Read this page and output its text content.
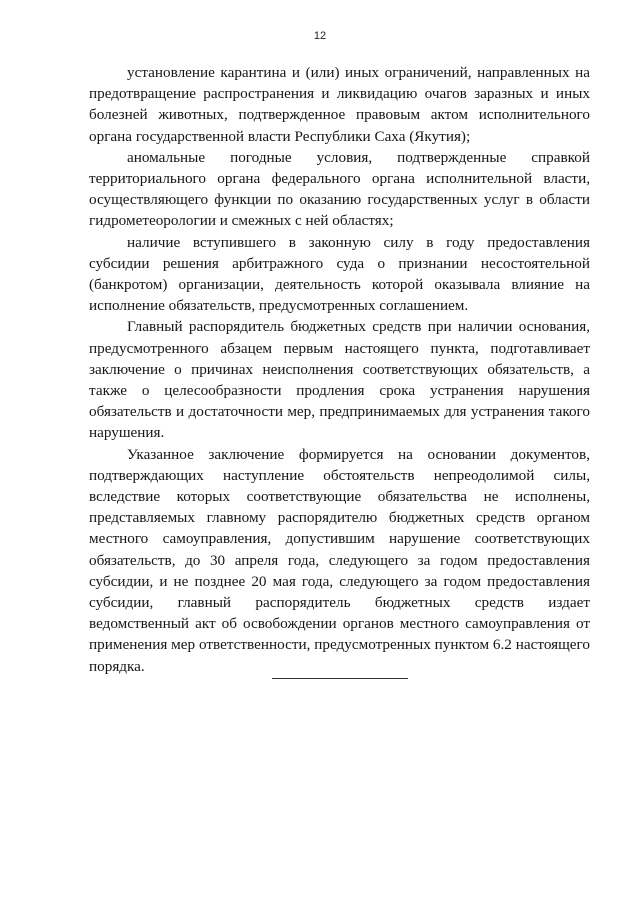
12

установление карантина и (или) иных ограничений, направленных на предотвращение распространения и ликвидацию очагов заразных и иных болезней животных, подтвержденное правовым актом исполнительного органа государственной власти Республики Саха (Якутия);

аномальные погодные условия, подтвержденные справкой территориального органа федерального органа исполнительной власти, осуществляющего функции по оказанию государственных услуг в области гидрометеорологии и смежных с ней областях;

наличие вступившего в законную силу в году предоставления субсидии решения арбитражного суда о признании несостоятельной (банкротом) организации, деятельность которой оказывала влияние на исполнение обязательств, предусмотренных соглашением.

Главный распорядитель бюджетных средств при наличии основания, предусмотренного абзацем первым настоящего пункта, подготавливает заключение о причинах неисполнения соответствующих обязательств, а также о целесообразности продления срока устранения нарушения обязательств и достаточности мер, предпринимаемых для устранения такого нарушения.

Указанное заключение формируется на основании документов, подтверждающих наступление обстоятельств непреодолимой силы, вследствие которых соответствующие обязательства не исполнены, представляемых главному распорядителю бюджетных средств органом местного самоуправления, допустившим нарушение соответствующих обязательств, до 30 апреля года, следующего за годом предоставления субсидии, и не позднее 20 мая года, следующего за годом предоставления субсидии, главный распорядитель бюджетных средств издает ведомственный акт об освобождении органов местного самоуправления от применения мер ответственности, предусмотренных пунктом 6.2 настоящего порядка.
